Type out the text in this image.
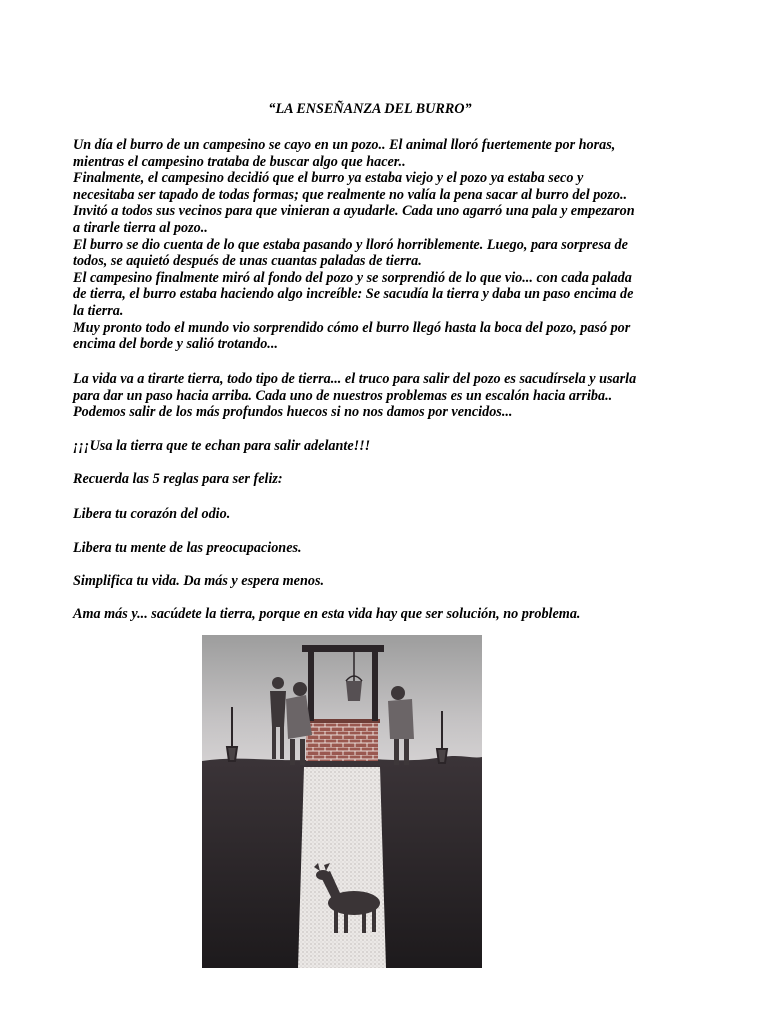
“LA ENSEÑANZA DEL BURRO”

Un día el burro de un campesino se cayo en un pozo.. El animal lloró fuertemente por horas,

mientras el campesino trataba de buscar algo que hacer..

Finalmente, el campesino decidió que el burro ya estaba viejo y el pozo ya estaba seco y

necesitaba ser tapado de todas formas; que realmente no valía la pena sacar al burro del pozo..

Invitó a todos sus vecinos para que vinieran a ayudarle. Cada uno agarró una pala y empezaron

a tirarle tierra al pozo..

El burro se dio cuenta de lo que estaba pasando y lloró horriblemente. Luego, para sorpresa de

todos, se aquietó después de unas cuantas paladas de tierra.

El campesino finalmente miró al fondo del pozo y se sorprendió de lo que vio... con cada palada

de tierra, el burro estaba haciendo algo increíble: Se sacudía la tierra y daba un paso encima de

la tierra.

Muy pronto todo el mundo vio sorprendido cómo el burro llegó hasta la boca del pozo, pasó por

encima del borde y salió trotando...

La vida va a tirarte tierra, todo tipo de tierra... el truco para salir del pozo es sacudírsela y usarla

para dar un paso hacia arriba. Cada uno de nuestros problemas es un escalón hacia arriba..

Podemos salir de los más profundos huecos si no nos damos por vencidos...

¡¡¡Usa la tierra que te echan para salir adelante!!!

Recuerda las 5 reglas para ser feliz:

Libera tu corazón del odio.

Libera tu mente de las preocupaciones.

Simplifica tu vida. Da más y espera menos.

Ama más y... sacúdete la tierra, porque en esta vida hay que ser solución, no problema.
